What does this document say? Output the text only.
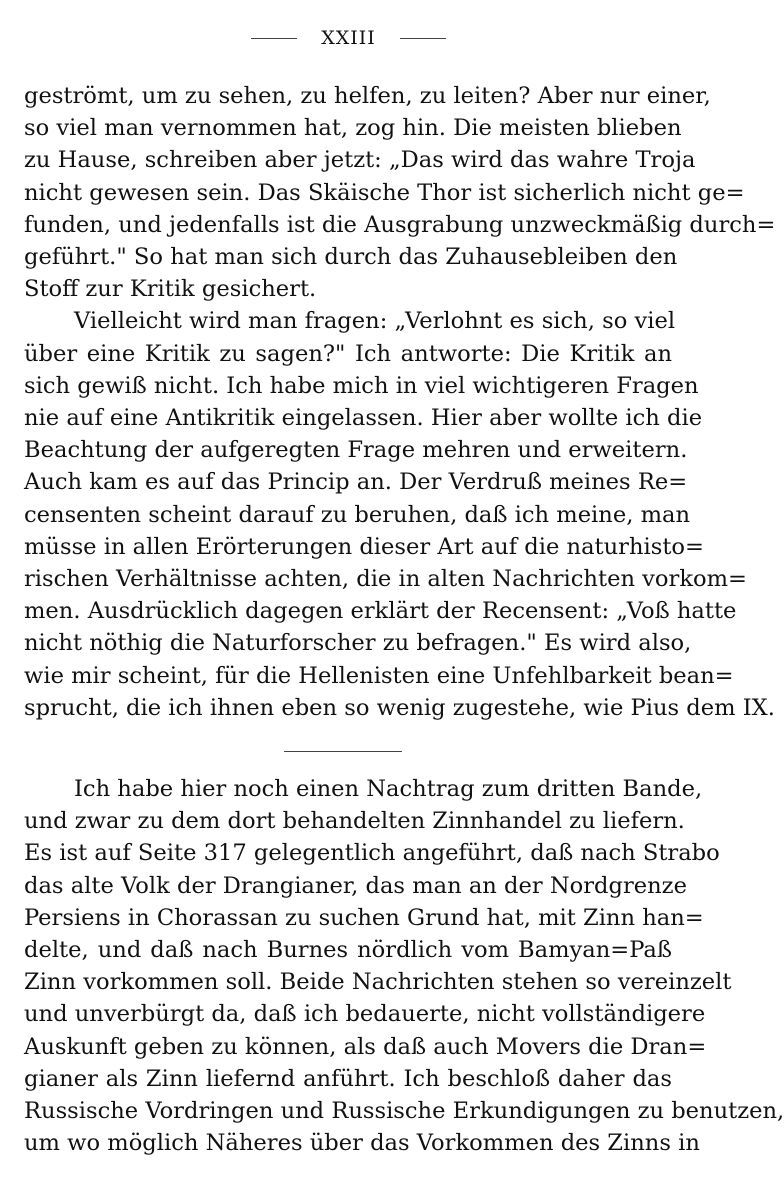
XXIII
geströmt, um zu sehen, zu helfen, zu leiten? Aber nur einer,
so viel man vernommen hat, zog hin. Die meisten blieben
zu Hause, schreiben aber jetzt: „Das wird das wahre Troja
nicht gewesen sein. Das Skäische Thor ist sicherlich nicht ge=
funden, und jedenfalls ist die Ausgrabung unzweckmäßig durch=
geführt." So hat man sich durch das Zuhausebleiben den
Stoff zur Kritik gesichert.
Vielleicht wird man fragen: „Verlohnt es sich, so viel
über eine Kritik zu sagen?" Ich antworte: Die Kritik an
sich gewiß nicht. Ich habe mich in viel wichtigeren Fragen
nie auf eine Antikritik eingelassen. Hier aber wollte ich die
Beachtung der aufgeregten Frage mehren und erweitern.
Auch kam es auf das Princip an. Der Verdruß meines Re=
censenten scheint darauf zu beruhen, daß ich meine, man
müsse in allen Erörterungen dieser Art auf die naturhisto=
rischen Verhältnisse achten, die in alten Nachrichten vorkom=
men. Ausdrücklich dagegen erklärt der Recensent: „Voß hatte
nicht nöthig die Naturforscher zu befragen." Es wird also,
wie mir scheint, für die Hellenisten eine Unfehlbarkeit bean=
sprucht, die ich ihnen eben so wenig zugestehe, wie Pius dem IX.
Ich habe hier noch einen Nachtrag zum dritten Bande,
und zwar zu dem dort behandelten Zinnhandel zu liefern.
Es ist auf Seite 317 gelegentlich angeführt, daß nach Strabo
das alte Volk der Drangianer, das man an der Nordgrenze
Persiens in Chorassan zu suchen Grund hat, mit Zinn han=
delte, und daß nach Burnes nördlich vom Bamyan=Paß
Zinn vorkommen soll. Beide Nachrichten stehen so vereinzelt
und unverbürgt da, daß ich bedauerte, nicht vollständigere
Auskunft geben zu können, als daß auch Movers die Dran=
gianer als Zinn liefernd anführt. Ich beschloß daher das
Russische Vordringen und Russische Erkundigungen zu benutzen,
um wo möglich Näheres über das Vorkommen des Zinns in
